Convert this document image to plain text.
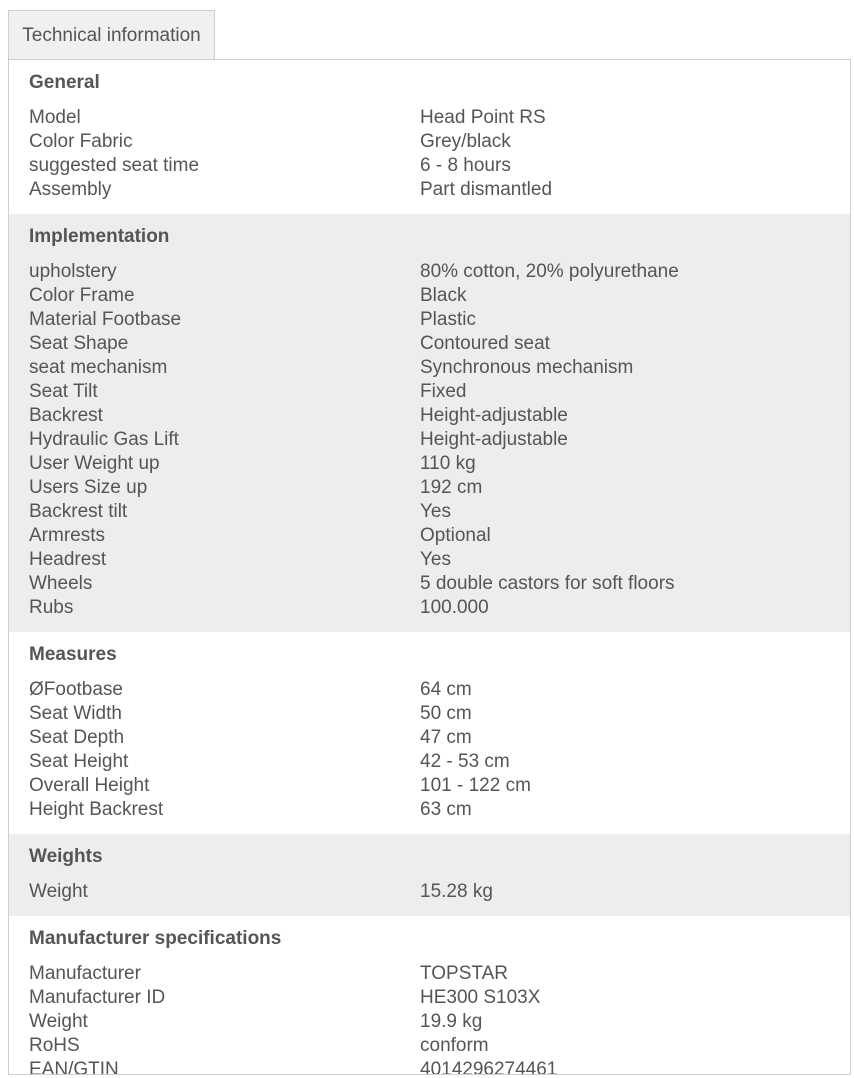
Technical information
General
Model	Head Point RS
Color Fabric	Grey/black
suggested seat time	6 - 8 hours
Assembly	Part dismantled
Implementation
upholstery	80% cotton, 20% polyurethane
Color Frame	Black
Material Footbase	Plastic
Seat Shape	Contoured seat
seat mechanism	Synchronous mechanism
Seat Tilt	Fixed
Backrest	Height-adjustable
Hydraulic Gas Lift	Height-adjustable
User Weight up	110 kg
Users Size up	192 cm
Backrest tilt	Yes
Armrests	Optional
Headrest	Yes
Wheels	5 double castors for soft floors
Rubs	100.000
Measures
ØFootbase	64 cm
Seat Width	50 cm
Seat Depth	47 cm
Seat Height	42 - 53 cm
Overall Height	101 - 122 cm
Height Backrest	63 cm
Weights
Weight	15.28 kg
Manufacturer specifications
Manufacturer	TOPSTAR
Manufacturer ID	HE300 S103X
Weight	19.9 kg
RoHS	conform
EAN/GTIN	4014296274461
